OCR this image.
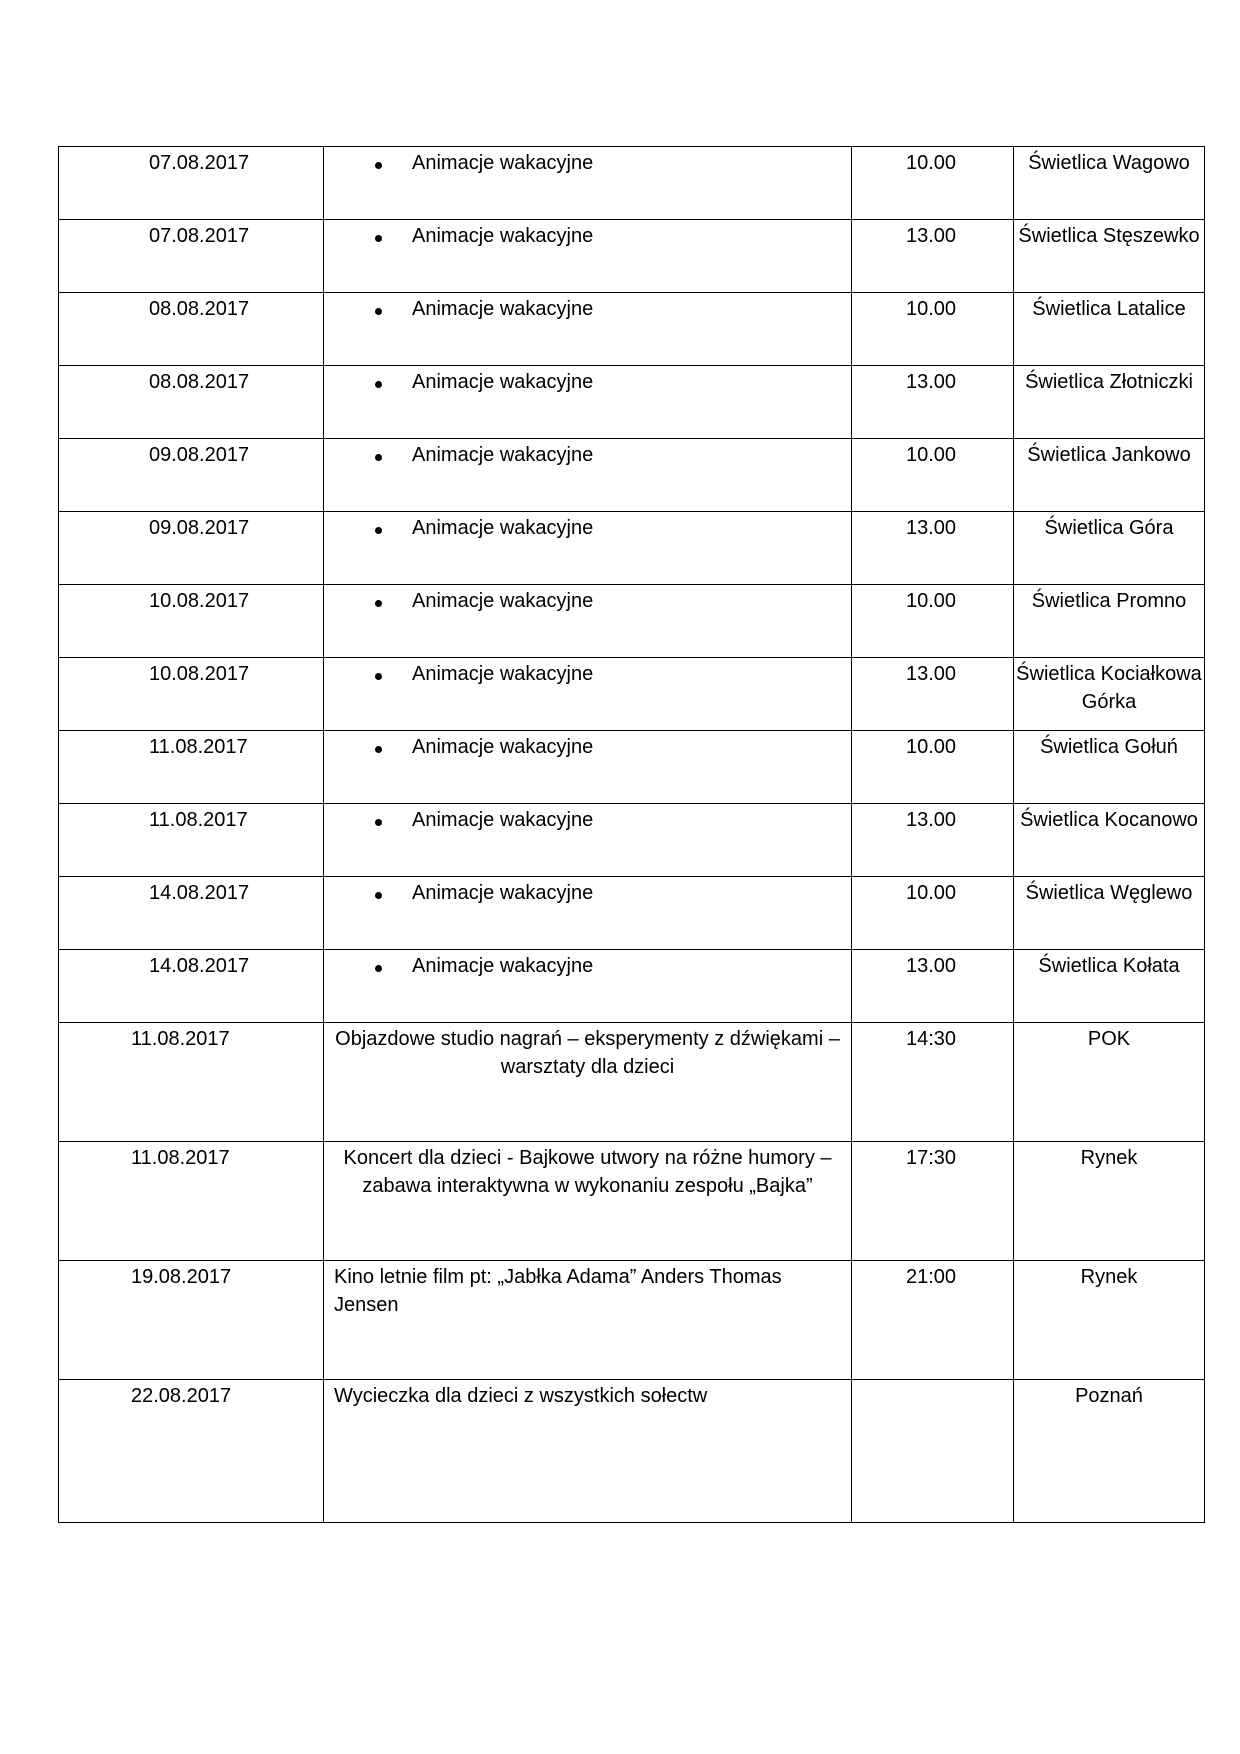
07.08.2017	Animacje wakacyjne	10.00	Świetlica Wagowo
07.08.2017	Animacje wakacyjne	13.00	Świetlica Stęszewko
08.08.2017	Animacje wakacyjne	10.00	Świetlica Latalice
08.08.2017	Animacje wakacyjne	13.00	Świetlica Złotniczki
09.08.2017	Animacje wakacyjne	10.00	Świetlica Jankowo
09.08.2017	Animacje wakacyjne	13.00	Świetlica Góra
10.08.2017	Animacje wakacyjne	10.00	Świetlica Promno
10.08.2017	Animacje wakacyjne	13.00	Świetlica Kociałkowa Górka
11.08.2017	Animacje wakacyjne	10.00	Świetlica Gołuń
11.08.2017	Animacje wakacyjne	13.00	Świetlica Kocanowo
14.08.2017	Animacje wakacyjne	10.00	Świetlica Węglewo
14.08.2017	Animacje wakacyjne	13.00	Świetlica Kołata
11.08.2017	Objazdowe studio nagrań – eksperymenty z dźwiękami – warsztaty dla dzieci	14:30	POK
11.08.2017	Koncert dla dzieci - Bajkowe utwory na różne humory – zabawa interaktywna w wykonaniu zespołu „Bajka”	17:30	Rynek
19.08.2017	Kino letnie film pt: „Jabłka Adama” Anders Thomas Jensen	21:00	Rynek
22.08.2017	Wycieczka dla dzieci z wszystkich sołectw		Poznań
